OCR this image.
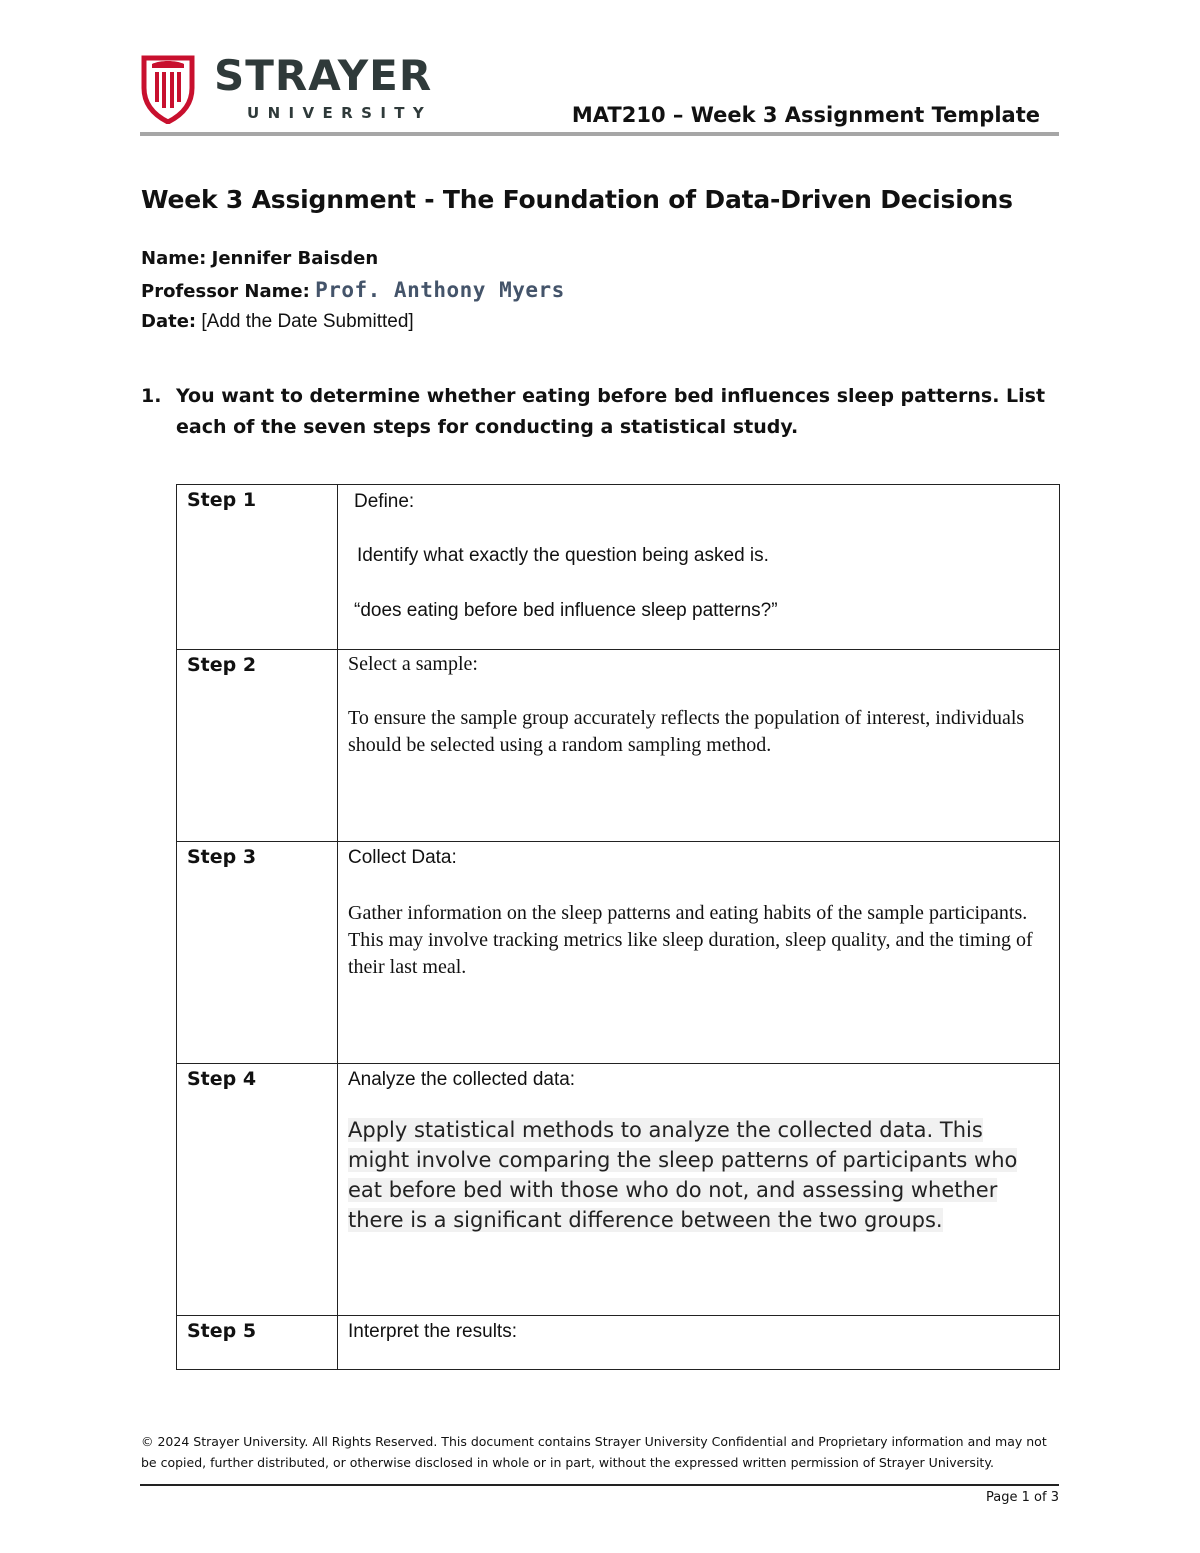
STRAYER
UNIVERSITY	MAT210 – Week 3 Assignment Template
Week 3 Assignment - The Foundation of Data-Driven Decisions
Name: Jennifer Baisden
Professor Name: Prof. Anthony Myers
Date: [Add the Date Submitted]
1. You want to determine whether eating before bed influences sleep patterns. List each of the seven steps for conducting a statistical study.
Step 1	Define:
Identify what exactly the question being asked is.
“does eating before bed influence sleep patterns?”

Step 2	Select a sample:
To ensure the sample group accurately reflects the population of interest, individuals should be selected using a random sampling method.

Step 3	Collect Data:
Gather information on the sleep patterns and eating habits of the sample participants. This may involve tracking metrics like sleep duration, sleep quality, and the timing of their last meal.

Step 4	Analyze the collected data:
Apply statistical methods to analyze the collected data. This might involve comparing the sleep patterns of participants who eat before bed with those who do not, and assessing whether there is a significant difference between the two groups.

Step 5	Interpret the results:
© 2024 Strayer University. All Rights Reserved. This document contains Strayer University Confidential and Proprietary information and may not be copied, further distributed, or otherwise disclosed in whole or in part, without the expressed written permission of Strayer University.
Page 1 of 3
